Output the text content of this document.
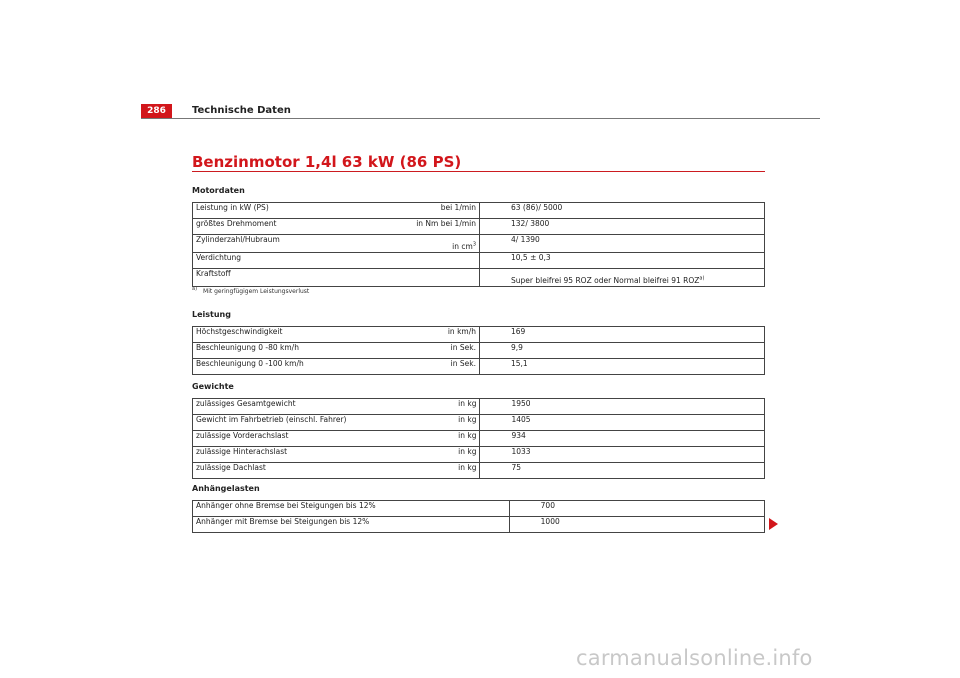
286	Technische Daten
Benzinmotor 1,4l 63 kW (86 PS)
Motordaten
Leistung in kW (PS)	bei 1/min	63 (86)/ 5000
größtes Drehmoment	in Nm bei 1/min	132/ 3800
Zylinderzahl/Hubraum	in $cm^3$	4/ 1390
Verdichtung		10,5 ± 0,3
Kraftstoff		Super bleifrei 95 ROZ oder Normal bleifrei 91 ROZ$^{a)}$
$^{a)}$ Mit geringfügigem Leistungsverlust
Leistung
Höchstgeschwindigkeit	in km/h	169
Beschleunigung 0 -80 km/h	in Sek.	9,9
Beschleunigung 0 -100 km/h	in Sek.	15,1
Gewichte
zulässiges Gesamtgewicht	in kg	1950
Gewicht im Fahrbetrieb (einschl. Fahrer)	in kg	1405
zulässige Vorderachslast	in kg	934
zulässige Hinterachslast	in kg	1033
zulässige Dachlast	in kg	75
Anhängelasten
Anhänger ohne Bremse bei Steigungen bis 12%		700
Anhänger mit Bremse bei Steigungen bis 12%		1000
carmanualsonline.info
